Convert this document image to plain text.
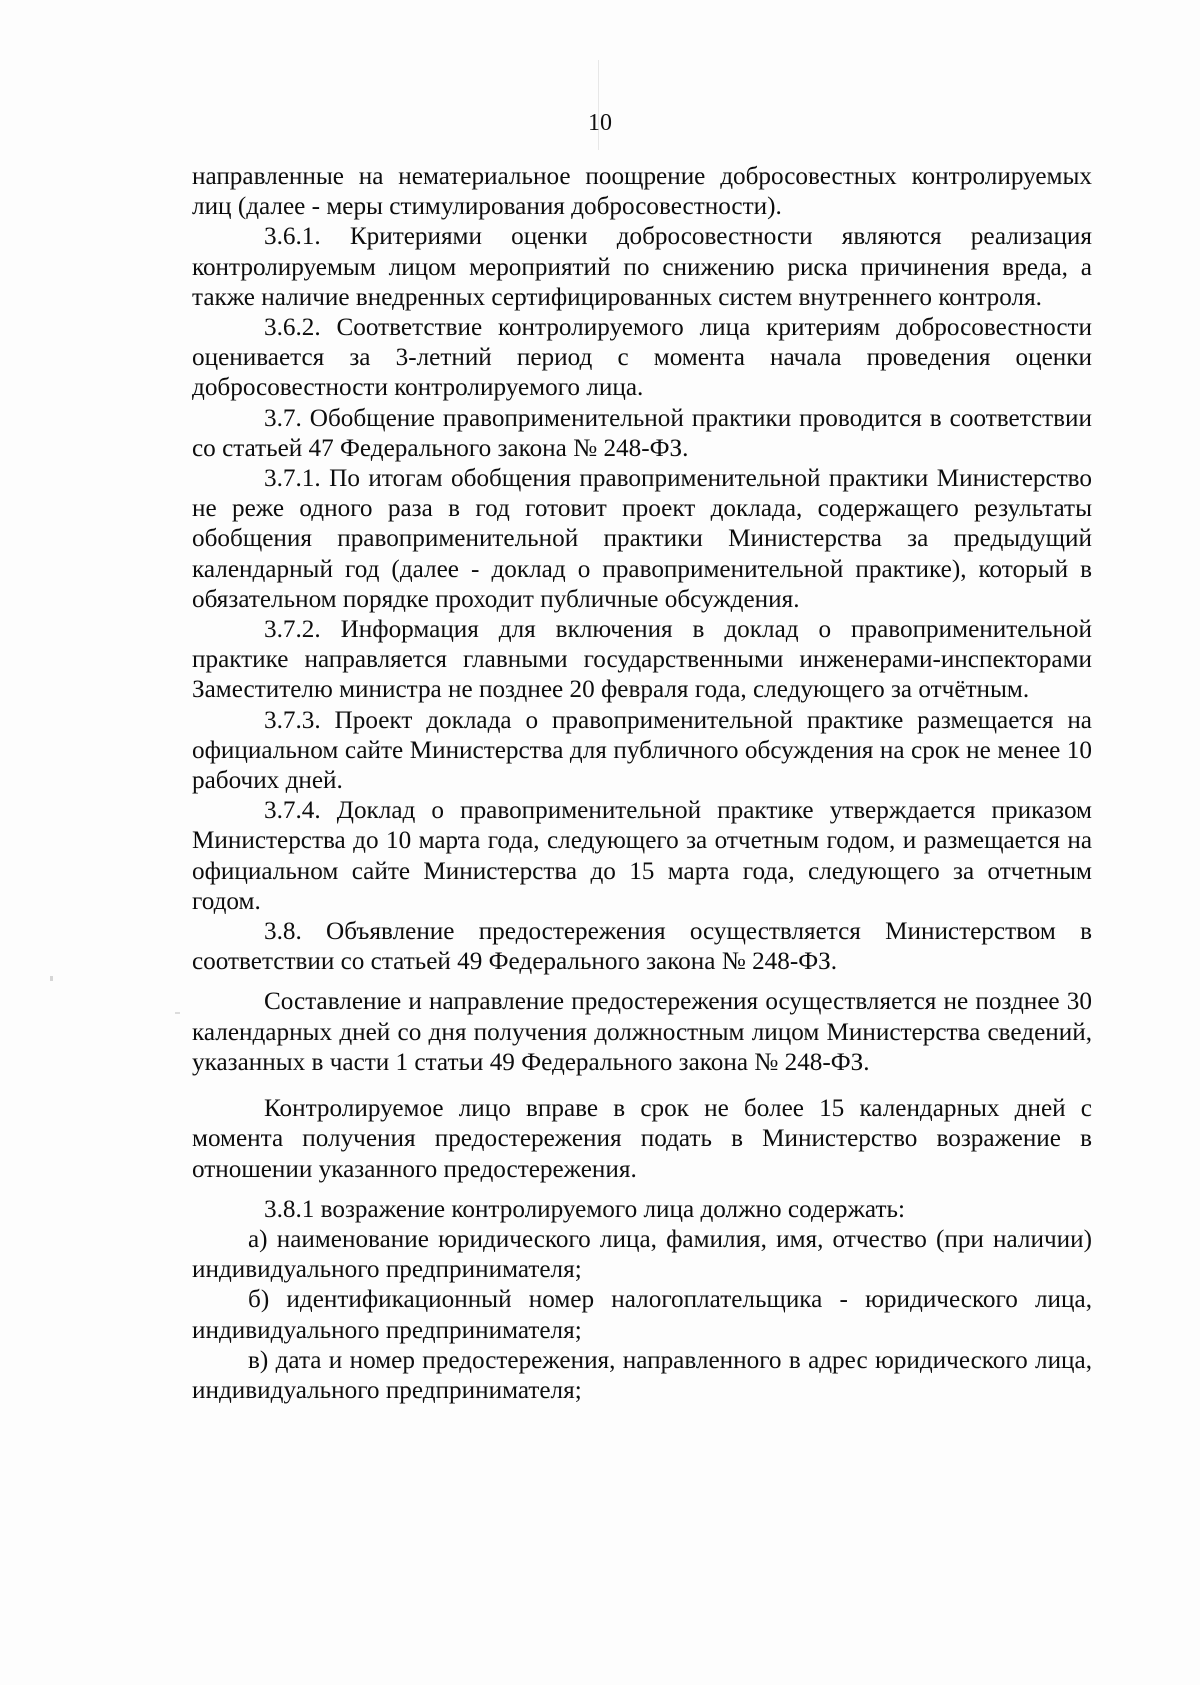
10

направленные на нематериальное поощрение добросовестных контролируемых лиц (далее - меры стимулирования добросовестности).

3.6.1. Критериями оценки добросовестности являются реализация контролируемым лицом мероприятий по снижению риска причинения вреда, а также наличие внедренных сертифицированных систем внутреннего контроля.

3.6.2. Соответствие контролируемого лица критериям добросовестности оценивается за 3-летний период с момента начала проведения оценки добросовестности контролируемого лица.

3.7. Обобщение правоприменительной практики проводится в соответствии со статьей 47 Федерального закона № 248-ФЗ.

3.7.1. По итогам обобщения правоприменительной практики Министерство не реже одного раза в год готовит проект доклада, содержащего результаты обобщения правоприменительной практики Министерства за предыдущий календарный год (далее - доклад о правоприменительной практике), который в обязательном порядке проходит публичные обсуждения.

3.7.2. Информация для включения в доклад о правоприменительной практике направляется главными государственными инженерами-инспекторами Заместителю министра не позднее 20 февраля года, следующего за отчётным.

3.7.3. Проект доклада о правоприменительной практике размещается на официальном сайте Министерства для публичного обсуждения на срок не менее 10 рабочих дней.

3.7.4. Доклад о правоприменительной практике утверждается приказом Министерства до 10 марта года, следующего за отчетным годом, и размещается на официальном сайте Министерства до 15 марта года, следующего за отчетным годом.

3.8. Объявление предостережения осуществляется Министерством в соответствии со статьей 49 Федерального закона № 248-ФЗ.

Составление и направление предостережения осуществляется не позднее 30 календарных дней со дня получения должностным лицом Министерства сведений, указанных в части 1 статьи 49 Федерального закона № 248-ФЗ.

Контролируемое лицо вправе в срок не более 15 календарных дней с момента получения предостережения подать в Министерство возражение в отношении указанного предостережения.

3.8.1 возражение контролируемого лица должно содержать:

а) наименование юридического лица, фамилия, имя, отчество (при наличии) индивидуального предпринимателя;

б) идентификационный номер налогоплательщика - юридического лица, индивидуального предпринимателя;

в) дата и номер предостережения, направленного в адрес юридического лица, индивидуального предпринимателя;
